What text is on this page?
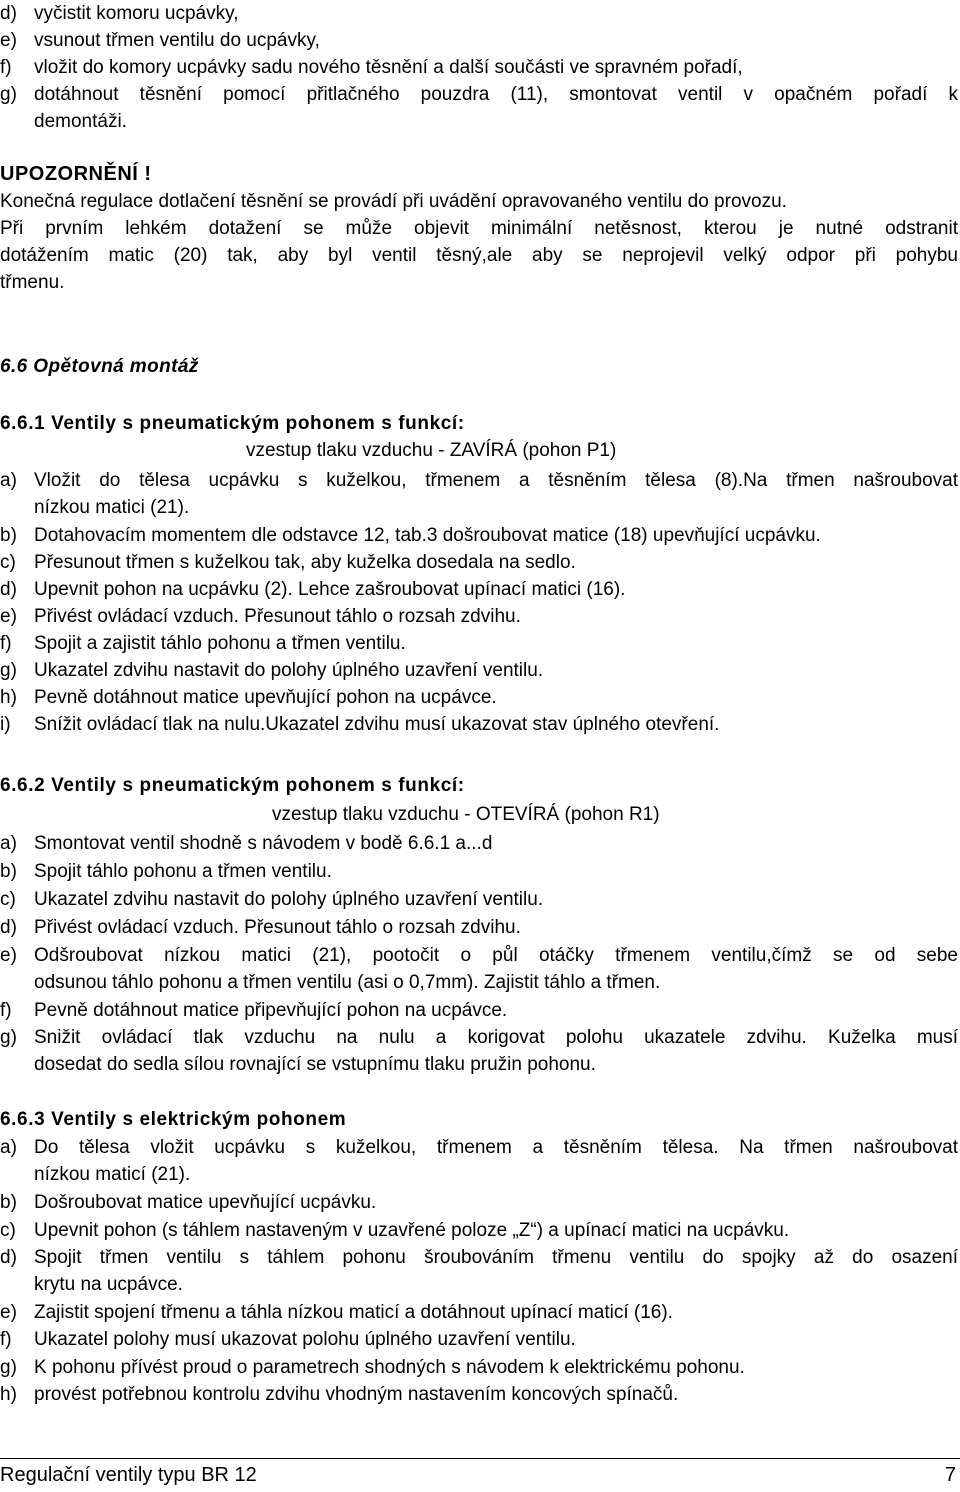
d) vyčistit komoru ucpávky,
e) vsunout třmen ventilu do ucpávky,
f) vložit do komory ucpávky sadu nového těsnění a další součásti ve spravném pořadí,
g) dotáhnout těsnění pomocí přitlačného pouzdra (11), smontovat ventil v opačném pořadí k
demontáži.
UPOZORNĚNÍ !
Konečná regulace dotlačení těsnění se provádí při uvádění opravovaného ventilu do provozu.
Při prvním lehkém dotažení se může objevit minimální netěsnost, kterou je nutné odstranit
dotážením matic (20) tak, aby byl ventil těsný,ale aby se neprojevil velký odpor při pohybu
třmenu.
6.6 Opětovná montáž
6.6.1 Ventily s pneumatickým pohonem s funkcí:
vzestup tlaku vzduchu - ZAVÍRÁ (pohon P1)
a) Vložit do tělesa ucpávku s kuželkou, třmenem a těsněním tělesa (8).Na třmen našroubovat
nízkou matici (21).
b) Dotahovacím momentem dle odstavce 12, tab.3 došroubovat matice (18) upevňující ucpávku.
c) Přesunout třmen s kuželkou tak, aby kuželka dosedala na sedlo.
d) Upevnit pohon na ucpávku (2). Lehce zašroubovat upínací matici (16).
e) Přivést ovládací vzduch. Přesunout táhlo o rozsah zdvihu.
f) Spojit a zajistit táhlo pohonu a třmen ventilu.
g) Ukazatel zdvihu nastavit do polohy úplného uzavření ventilu.
h) Pevně dotáhnout matice upevňující pohon na ucpávce.
i) Snížit ovládací tlak na nulu.Ukazatel zdvihu musí ukazovat stav úplného otevření.
6.6.2 Ventily s pneumatickým pohonem s funkcí:
vzestup tlaku vzduchu - OTEVÍRÁ (pohon R1)
a) Smontovat ventil shodně s návodem v bodě 6.6.1 a...d
b) Spojit táhlo pohonu a třmen ventilu.
c) Ukazatel zdvihu nastavit do polohy úplného uzavření ventilu.
d) Přivést ovládací vzduch. Přesunout táhlo o rozsah zdvihu.
e) Odšroubovat nízkou matici (21), pootočit o půl otáčky třmenem ventilu,čímž se od sebe
odsunou táhlo pohonu a třmen ventilu (asi o 0,7mm). Zajistit táhlo a třmen.
f) Pevně dotáhnout matice připevňující pohon na ucpávce.
g) Snižit ovládací tlak vzduchu na nulu a korigovat polohu ukazatele zdvihu. Kuželka musí
dosedat do sedla sílou rovnající se vstupnímu tlaku pružin pohonu.
6.6.3 Ventily s elektrickým pohonem
a) Do tělesa vložit ucpávku s kuželkou, třmenem a těsněním tělesa. Na třmen našroubovat
nízkou maticí (21).
b) Došroubovat matice upevňující ucpávku.
c) Upevnit pohon (s táhlem nastaveným v uzavřené poloze „Z“) a upínací matici na ucpávku.
d) Spojit třmen ventilu s táhlem pohonu šroubováním třmenu ventilu do spojky až do osazení
krytu na ucpávce.
e) Zajistit spojení třmenu a táhla nízkou maticí a dotáhnout upínací maticí (16).
f) Ukazatel polohy musí ukazovat polohu úplného uzavření ventilu.
g) K pohonu přívést proud o parametrech shodných s návodem k elektrickému pohonu.
h) provést potřebnou kontrolu zdvihu vhodným nastavením koncových spínačů.
Regulační ventily typu BR 12	7
